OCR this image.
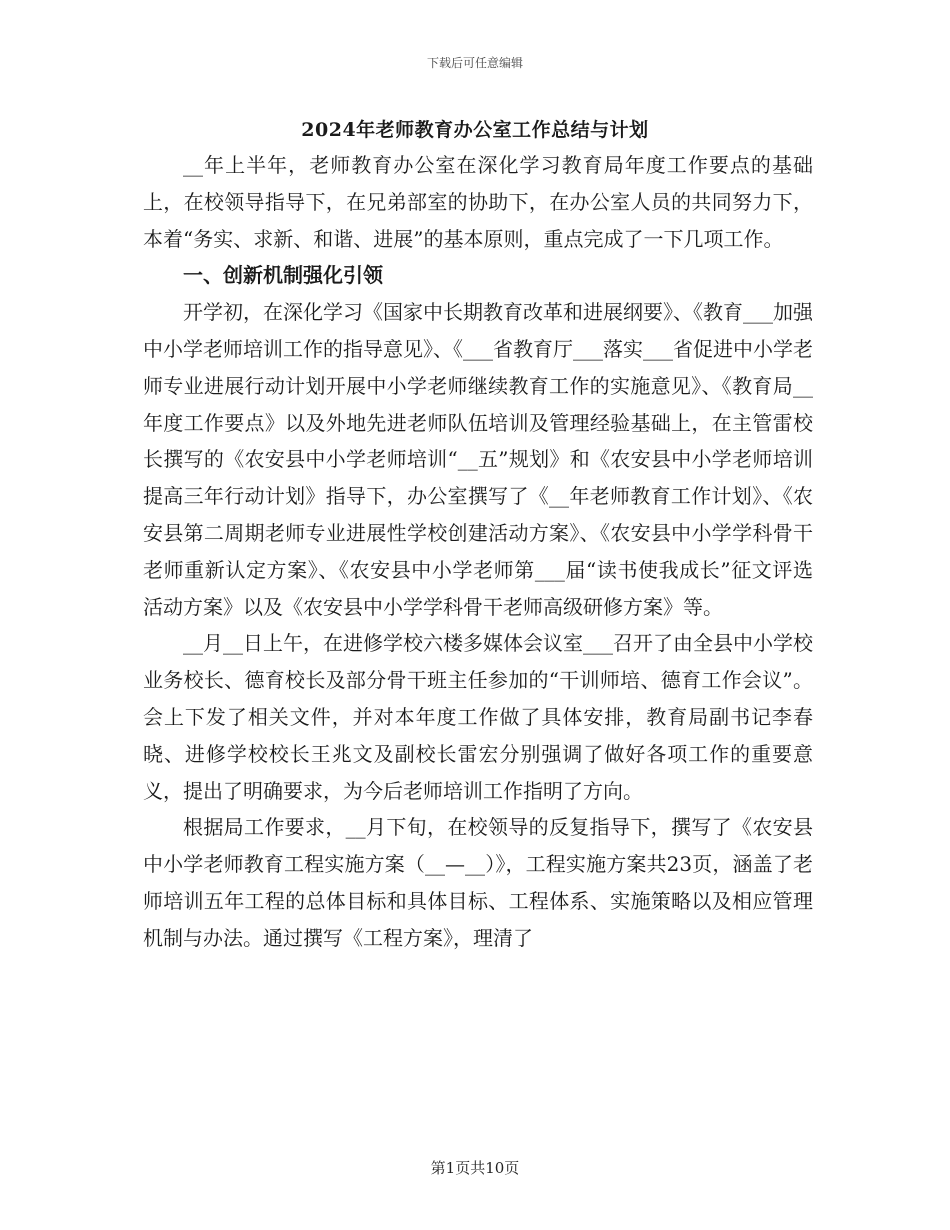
下载后可任意编辑
2024年老师教育办公室工作总结与计划

__年上半年，老师教育办公室在深化学习教育局年度工作要点的基础上，在校领导指导下，在兄弟部室的协助下，在办公室人员的共同努力下，本着“务实、求新、和谐、进展”的基本原则，重点完成了一下几项工作。

一、创新机制强化引领

开学初，在深化学习《国家中长期教育改革和进展纲要》、《教育___加强中小学老师培训工作的指导意见》、《___省教育厅___落实___省促进中小学老师专业进展行动计划开展中小学老师继续教育工作的实施意见》、《教育局__年度工作要点》以及外地先进老师队伍培训及管理经验基础上，在主管雷校长撰写的《农安县中小学老师培训“__五”规划》和《农安县中小学老师培训提高三年行动计划》指导下，办公室撰写了《__年老师教育工作计划》、《农安县第二周期老师专业进展性学校创建活动方案》、《农安县中小学学科骨干老师重新认定方案》、《农安县中小学老师第___届“读书使我成长”征文评选活动方案》以及《农安县中小学学科骨干老师高级研修方案》等。

__月__日上午，在进修学校六楼多媒体会议室___召开了由全县中小学校业务校长、德育校长及部分骨干班主任参加的“干训师培、德育工作会议”。会上下发了相关文件，并对本年度工作做了具体安排，教育局副书记李春晓、进修学校校长王兆文及副校长雷宏分别强调了做好各项工作的重要意义，提出了明确要求，为今后老师培训工作指明了方向。

根据局工作要求，__月下旬，在校领导的反复指导下，撰写了《农安县中小学老师教育工程实施方案（__—__）》，工程实施方案共23页，涵盖了老师培训五年工程的总体目标和具体目标、工程体系、实施策略以及相应管理机制与办法。通过撰写《工程方案》，理清了

第1页共10页
